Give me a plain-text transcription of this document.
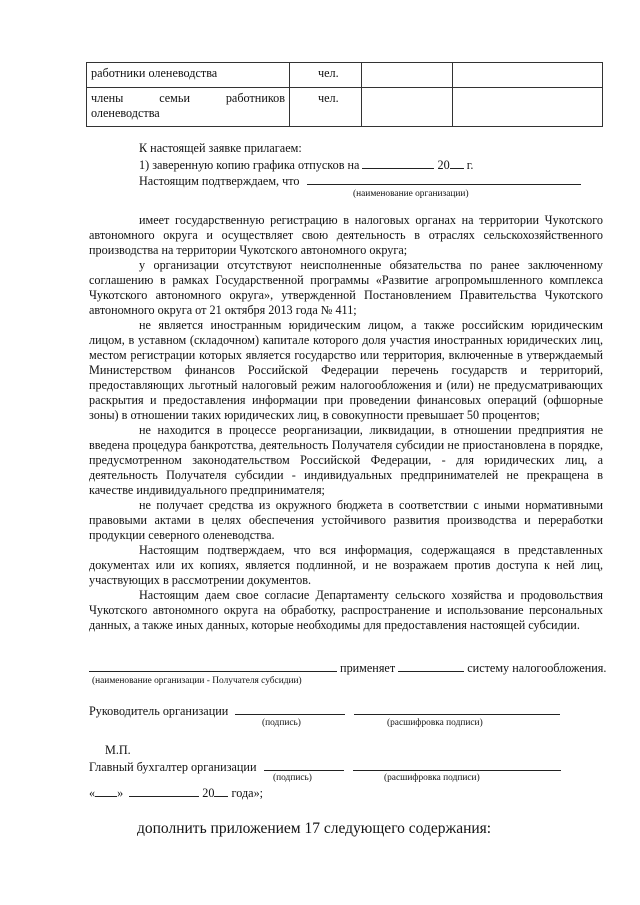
работники оленеводства	чел.		

члены семьи работников
оленеводства	чел.		

К настоящей заявке прилагаем:
1) заверенную копию графика отпусков на	20 г.
Настоящим подтверждаем, что
(наименование организации)

имеет государственную регистрацию в налоговых органах на территории Чукотского автономного округа и осуществляет свою деятельность в отраслях сельскохозяйственного производства на территории Чукотского автономного округа;

у организации отсутствуют неисполненные обязательства по ранее заключенному соглашению в рамках Государственной программы «Развитие агропромышленного комплекса Чукотского автономного округа», утвержденной Постановлением Правительства Чукотского автономного округа от 21 октября 2013 года № 411;

не является иностранным юридическим лицом, а также российским юридическим лицом, в уставном (складочном) капитале которого доля участия иностранных юридических лиц, местом регистрации которых является государство или территория, включенные в утверждаемый Министерством финансов Российской Федерации перечень государств и территорий, предоставляющих льготный налоговый режим налогообложения и (или) не предусматривающих раскрытия и предоставления информации при проведении финансовых операций (офшорные зоны) в отношении таких юридических лиц, в совокупности превышает 50 процентов;

не находится в процессе реорганизации, ликвидации, в отношении предприятия не введена процедура банкротства, деятельность Получателя субсидии не приостановлена в порядке, предусмотренном законодательством Российской Федерации, - для юридических лиц, а деятельность Получателя субсидии - индивидуальных предпринимателей не прекращена в качестве индивидуального предпринимателя;

не получает средства из окружного бюджета в соответствии с иными нормативными правовыми актами в целях обеспечения устойчивого развития производства и переработки продукции северного оленеводства.

Настоящим подтверждаем, что вся информация, содержащаяся в представленных документах или их копиях, является подлинной, и не возражаем против доступа к ней лиц, участвующих в рассмотрении документов.

Настоящим даем свое согласие Департаменту сельского хозяйства и продовольствия Чукотского автономного округа на обработку, распространение и использование персональных данных, а также иных данных, которые необходимы для предоставления настоящей субсидии.

применяет	систему налогообложения.
(наименование организации - Получателя субсидии)
Руководитель организации
(подпись)	(расшифровка подписи)
М.П.
Главный бухгалтер организации
(подпись)	(расшифровка подписи)
« »	20 года»;
дополнить приложением 17 следующего содержания:
